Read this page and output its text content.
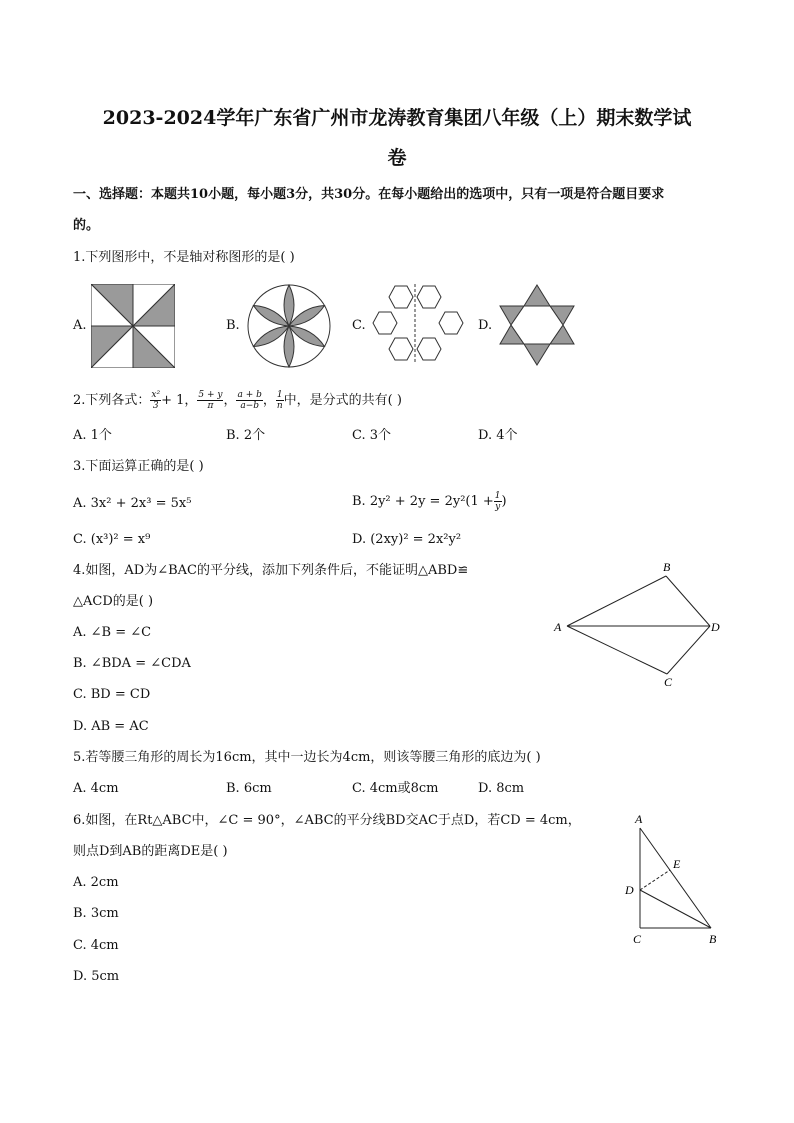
2023-2024学年广东省广州市龙涛教育集团八年级（上）期末数学试
卷
一、选择题：本题共10小题，每小题3分，共30分。在每小题给出的选项中，只有一项是符合题目要求
的。
1.下列图形中，不是轴对称图形的是( )
A.	B.	C.	D.
2.下列各式： $\frac{\text{x²}}{3} + 1$， $\frac{5 + y}{\pi}$ ， $\frac{a + b}{a-b}$ ， $\frac{1}{n}$ 中，是分式的共有( )
A. 1个	B. 2个	C. 3个	D. 4个
3.下面运算正确的是( )
A. 3x² + 2x³ = 5x⁵	B. $2y^2 + 2y = 2y^2(1 + \frac{1}{y}$ )
C. (x³)² = x⁹	D. (2xy)² = 2x²y²
4.如图，AD为∠BAC的平分线，添加下列条件后，不能证明△ABD≌
△ACD的是( )
A. ∠B = ∠C
B. ∠BDA = ∠CDA
C. BD = CD
D. AB = AC
A
B
D
C
5.若等腰三角形的周长为16cm，其中一边长为4cm，则该等腰三角形的底边为( )
A. 4cm	B. 6cm	C. 4cm或8cm	D. 8cm
6.如图，在Rt△ABC中，∠C = 90°，∠ABC的平分线BD交AC于点D，若CD = 4cm，
则点D到AB的距离DE是( )
A. 2cm
B. 3cm
C. 4cm
D. 5cm
A
E
D
C	B
